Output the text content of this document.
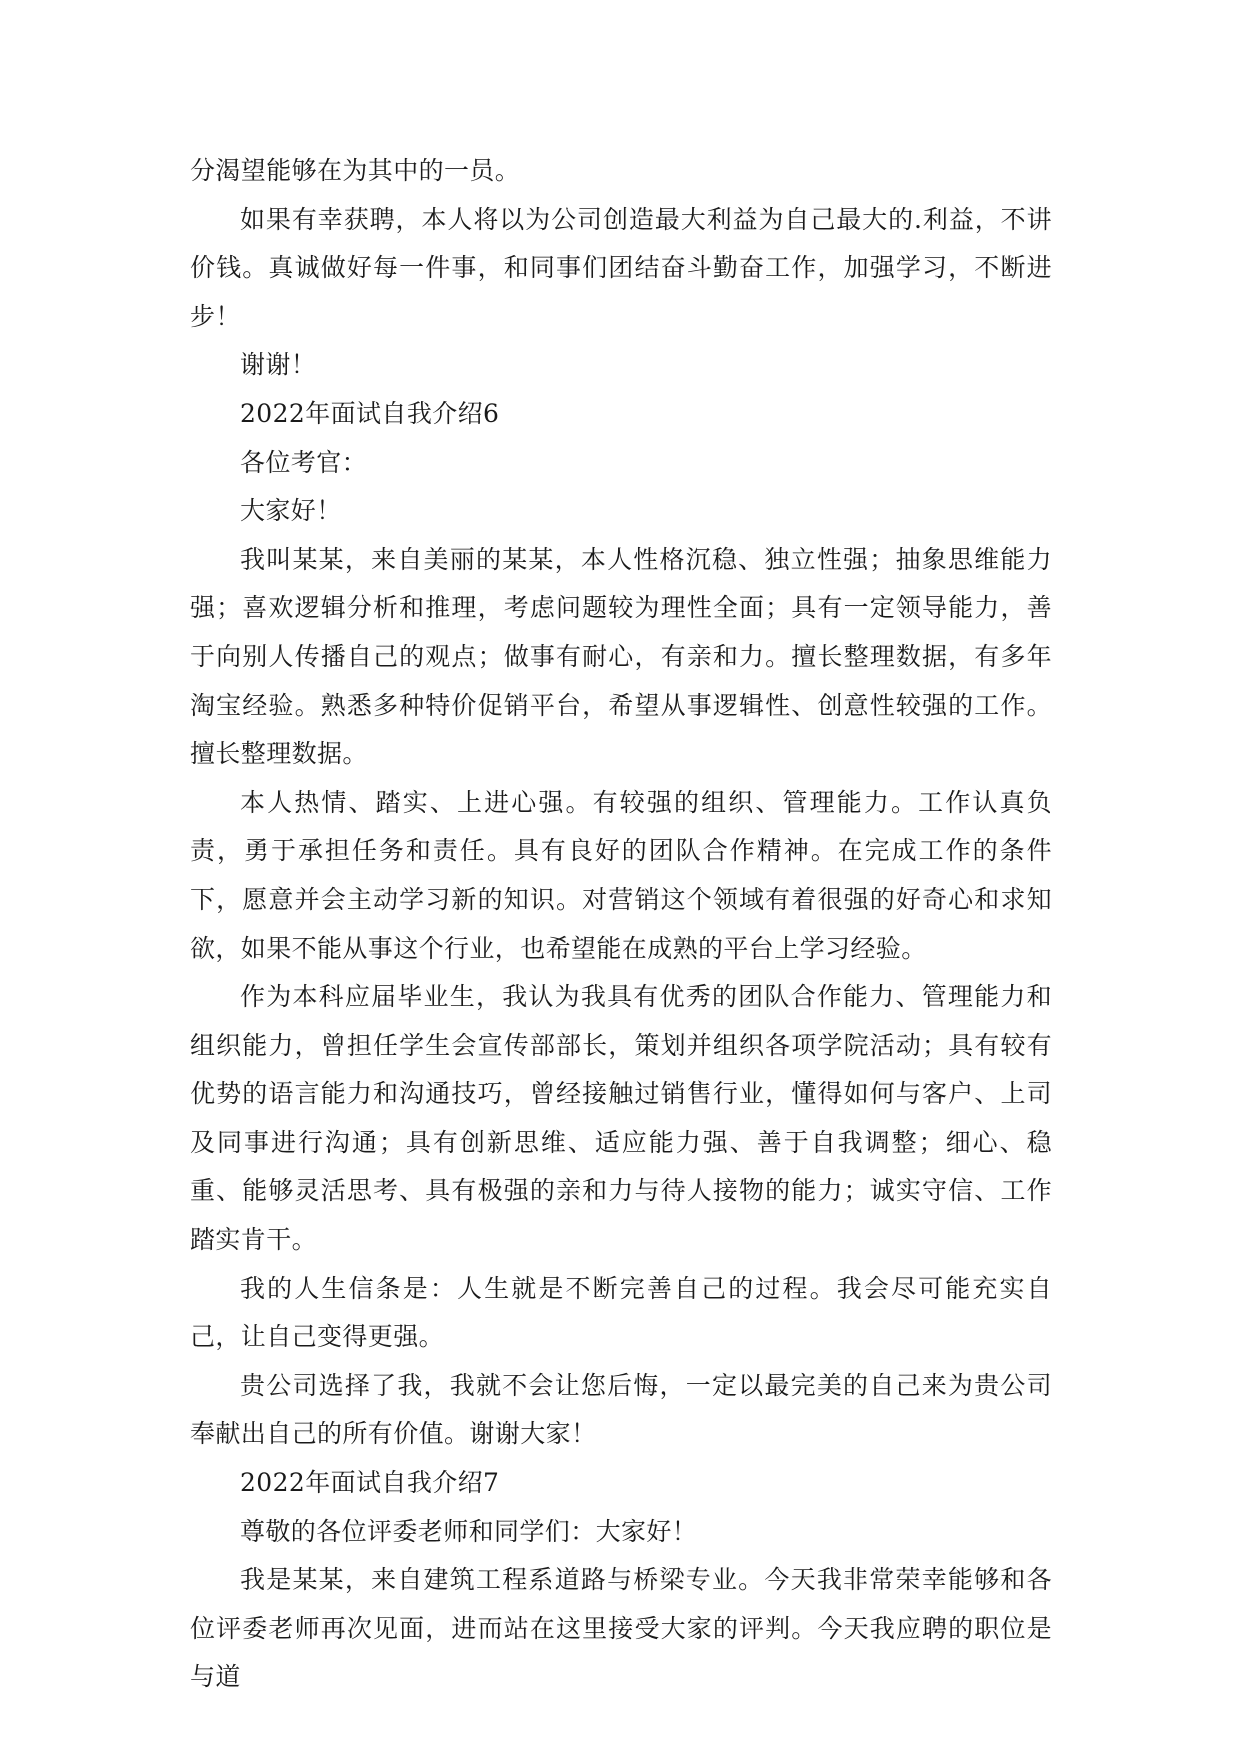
分渴望能够在为其中的一员。

如果有幸获聘，本人将以为公司创造最大利益为自己最大的.利益，不讲价钱。真诚做好每一件事，和同事们团结奋斗勤奋工作，加强学习，不断进步！

谢谢！

2022年面试自我介绍6

各位考官：

大家好！

我叫某某，来自美丽的某某，本人性格沉稳、独立性强；抽象思维能力强；喜欢逻辑分析和推理，考虑问题较为理性全面；具有一定领导能力，善于向别人传播自己的观点；做事有耐心，有亲和力。擅长整理数据，有多年淘宝经验。熟悉多种特价促销平台，希望从事逻辑性、创意性较强的工作。擅长整理数据。

本人热情、踏实、上进心强。有较强的组织、管理能力。工作认真负责，勇于承担任务和责任。具有良好的团队合作精神。在完成工作的条件下，愿意并会主动学习新的知识。对营销这个领域有着很强的好奇心和求知欲，如果不能从事这个行业，也希望能在成熟的平台上学习经验。

作为本科应届毕业生，我认为我具有优秀的团队合作能力、管理能力和组织能力，曾担任学生会宣传部部长，策划并组织各项学院活动；具有较有优势的语言能力和沟通技巧，曾经接触过销售行业，懂得如何与客户、上司及同事进行沟通；具有创新思维、适应能力强、善于自我调整；细心、稳重、能够灵活思考、具有极强的亲和力与待人接物的能力；诚实守信、工作踏实肯干。

我的人生信条是：人生就是不断完善自己的过程。我会尽可能充实自己，让自己变得更强。

贵公司选择了我，我就不会让您后悔，一定以最完美的自己来为贵公司奉献出自己的所有价值。谢谢大家！

2022年面试自我介绍7

尊敬的各位评委老师和同学们：大家好！

我是某某，来自建筑工程系道路与桥梁专业。今天我非常荣幸能够和各位评委老师再次见面，进而站在这里接受大家的评判。今天我应聘的职位是与道
